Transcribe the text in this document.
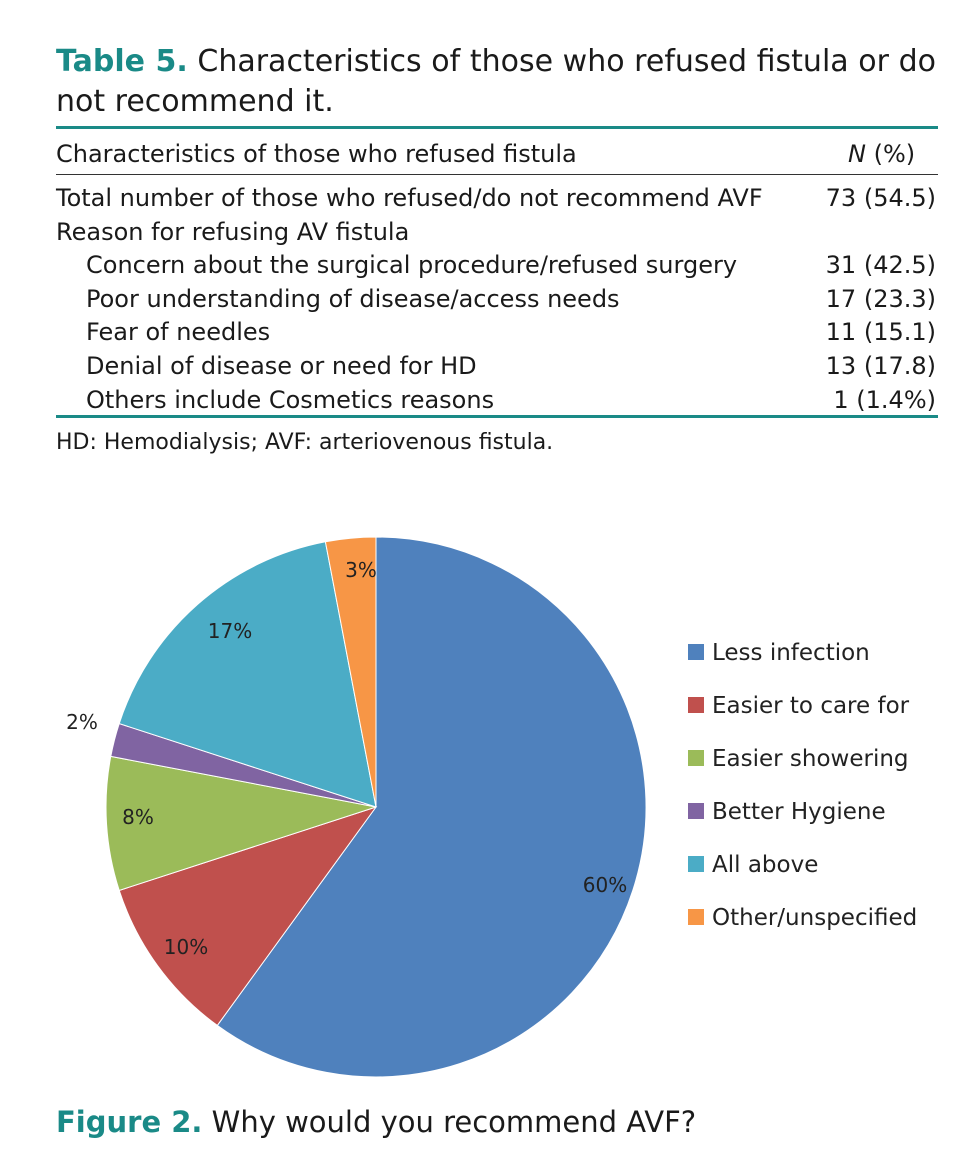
Table 5. Characteristics of those who refused fistula or do not recommend it.
Characteristics of those who refused fistula	N (%)
Total number of those who refused/do not recommend AVF	73 (54.5)
Reason for refusing AV fistula
Concern about the surgical procedure/refused surgery	31 (42.5)
Poor understanding of disease/access needs	17 (23.3)
Fear of needles	11 (15.1)
Denial of disease or need for HD	13 (17.8)
Others include Cosmetics reasons	1 (1.4%)
HD: Hemodialysis; AVF: arteriovenous fistula.
60%
10%
8%
2%
17%
3%
Less infection
Easier to care for
Easier showering
Better Hygiene
All above
Other/unspecified
Figure 2. Why would you recommend AVF?
